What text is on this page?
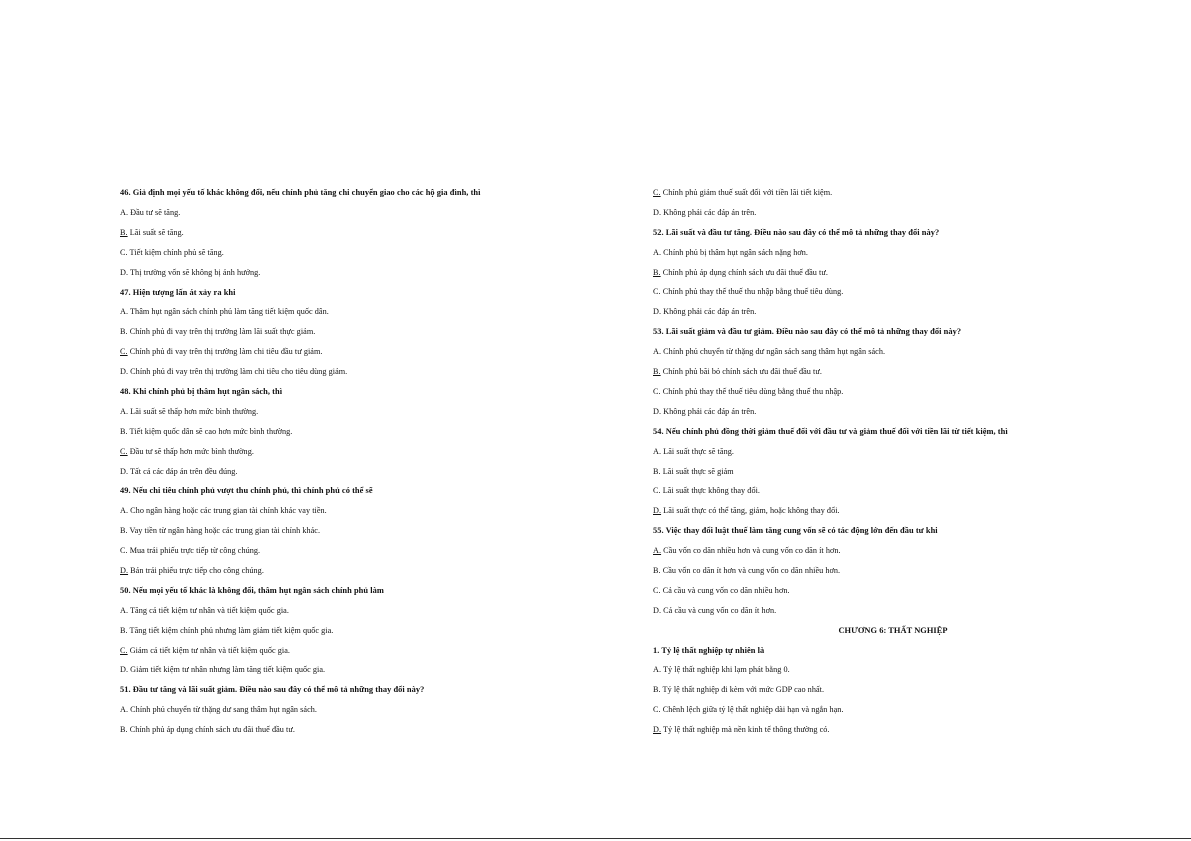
46. Giả định mọi yếu tố khác không đổi, nếu chính phủ tăng chi chuyển giao cho các hộ gia đình, thì
A. Đầu tư sẽ tăng.
B. Lãi suất sẽ tăng.
C. Tiết kiệm chính phủ sẽ tăng.
D. Thị trường vốn sẽ không bị ảnh hưởng.
47. Hiện tượng lấn át xảy ra khi
A. Thâm hụt ngân sách chính phủ làm tăng tiết kiệm quốc dân.
B. Chính phủ đi vay trên thị trường làm lãi suất thực giảm.
C. Chính phủ đi vay trên thị trường làm chi tiêu đầu tư giảm.
D. Chính phủ đi vay trên thị trường làm chi tiêu cho tiêu dùng giảm.
48. Khi chính phủ bị thâm hụt ngân sách, thì
A. Lãi suất sẽ thấp hơn mức bình thường.
B. Tiết kiệm quốc dân sẽ cao hơn mức bình thường.
C. Đầu tư sẽ thấp hơn mức bình thường.
D. Tất cả các đáp án trên đều đúng.
49. Nếu chi tiêu chính phủ vượt thu chính phủ, thì chính phủ có thể sẽ
A. Cho ngân hàng hoặc các trung gian tài chính khác vay tiền.
B. Vay tiền từ ngân hàng hoặc các trung gian tài chính khác.
C. Mua trái phiếu trực tiếp từ công chúng.
D. Bán trái phiếu trực tiếp cho công chúng.
50. Nếu mọi yếu tố khác là không đổi, thâm hụt ngân sách chính phủ làm
A. Tăng cả tiết kiệm tư nhân và tiết kiệm quốc gia.
B. Tăng tiết kiệm chính phủ nhưng làm giảm tiết kiệm quốc gia.
C. Giảm cả tiết kiệm tư nhân và tiết kiệm quốc gia.
D. Giảm tiết kiệm tư nhân nhưng làm tăng tiết kiệm quốc gia.
51. Đầu tư tăng và lãi suất giảm. Điều nào sau đây có thể mô tả những thay đổi này?
A. Chính phủ chuyển từ thặng dư sang thâm hụt ngân sách.
B. Chính phủ áp dụng chính sách ưu đãi thuế đầu tư.
C. Chính phủ giảm thuế suất đối với tiền lãi tiết kiệm.
D. Không phải các đáp án trên.
52. Lãi suất và đầu tư tăng. Điều nào sau đây có thể mô tả những thay đổi này?
A. Chính phủ bị thâm hụt ngân sách nặng hơn.
B. Chính phủ áp dụng chính sách ưu đãi thuế đầu tư.
C. Chính phủ thay thế thuế thu nhập bằng thuế tiêu dùng.
D. Không phải các đáp án trên.
53. Lãi suất giảm và đầu tư giảm. Điều nào sau đây có thể mô tả những thay đổi này?
A. Chính phủ chuyển từ thặng dư ngân sách sang thâm hụt ngân sách.
B. Chính phủ bãi bỏ chính sách ưu đãi thuế đầu tư.
C. Chính phủ thay thế thuế tiêu dùng bằng thuế thu nhập.
D. Không phải các đáp án trên.
54. Nếu chính phủ đồng thời giảm thuế đối với đầu tư và giảm thuế đối với tiền lãi từ tiết kiệm, thì
A. Lãi suất thực sẽ tăng.
B. Lãi suất thực sẽ giảm
C. Lãi suất thực không thay đổi.
D. Lãi suất thực có thể tăng, giảm, hoặc không thay đổi.
55. Việc thay đổi luật thuế làm tăng cung vốn sẽ có tác động lớn đến đầu tư khi
A. Cầu vốn co dãn nhiều hơn và cung vốn co dãn ít hơn.
B. Cầu vốn co dãn ít hơn và cung vốn co dãn nhiều hơn.
C. Cả cầu và cung vốn co dãn nhiều hơn.
D. Cả cầu và cung vốn co dãn ít hơn.
CHƯƠNG 6: THẤT NGHIỆP
1. Tỷ lệ thất nghiệp tự nhiên là
A. Tỷ lệ thất nghiệp khi lạm phát bằng 0.
B. Tỷ lệ thất nghiệp đi kèm với mức GDP cao nhất.
C. Chênh lệch giữa tỷ lệ thất nghiệp dài hạn và ngắn hạn.
D. Tỷ lệ thất nghiệp mà nền kinh tế thông thường có.
